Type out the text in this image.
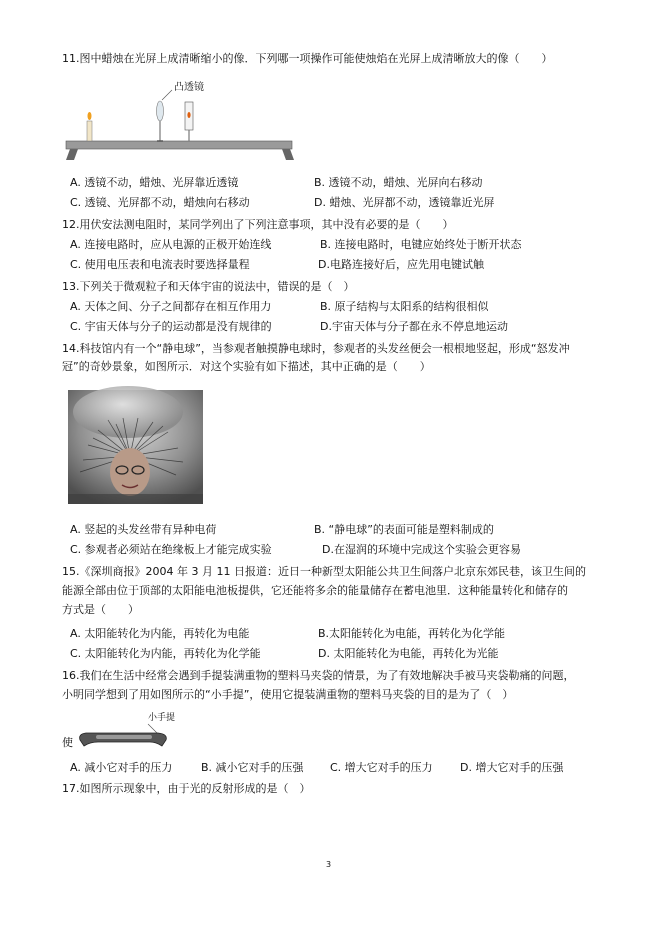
11.图中蜡烛在光屏上成清晰缩小的像．下列哪一项操作可能使烛焰在光屏上成清晰放大的像（　　）
凸透镜
A. 透镜不动，蜡烛、光屏靠近透镜	B. 透镜不动，蜡烛、光屏向右移动
C. 透镜、光屏都不动，蜡烛向右移动	D. 蜡烛、光屏都不动，透镜靠近光屏
12.用伏安法测电阻时，某同学列出了下列注意事项，其中没有必要的是（　　）
A. 连接电路时，应从电源的正极开始连线	B. 连接电路时，电键应始终处于断开状态
C. 使用电压表和电流表时要选择量程	D.电路连接好后，应先用电键试触
13.下列关于微观粒子和天体宇宙的说法中，错误的是（　）
A. 天体之间、分子之间都存在相互作用力	B. 原子结构与太阳系的结构很相似
C. 宇宙天体与分子的运动都是没有规律的	D.宇宙天体与分子都在永不停息地运动
14.科技馆内有一个“静电球”，当参观者触摸静电球时，参观者的头发丝便会一根根地竖起，形成“怒发冲
冠”的奇妙景象，如图所示．对这个实验有如下描述，其中正确的是（　　）
A. 竖起的头发丝带有异种电荷	B. “静电球”的表面可能是塑料制成的
C. 参观者必须站在绝缘板上才能完成实验	D.在湿润的环境中完成这个实验会更容易
15.《深圳商报》2004 年 3 月 11 日报道：近日一种新型太阳能公共卫生间落户北京东郊民巷，该卫生间的
能源全部由位于顶部的太阳能电池板提供，它还能将多余的能量储存在蓄电池里．这种能量转化和储存的
方式是（　　）
A. 太阳能转化为内能，再转化为电能	B.太阳能转化为电能，再转化为化学能
C. 太阳能转化为内能，再转化为化学能	D. 太阳能转化为电能，再转化为光能
16.我们在生活中经常会遇到手提装满重物的塑料马夹袋的情景，为了有效地解决手被马夹袋勒痛的问题，
小明同学想到了用如图所示的“小手提”，使用它提装满重物的塑料马夹袋的目的是为了（　）
使
小手提
A. 减小它对手的压力	B. 减小它对手的压强 C. 增大它对手的压力 D. 增大它对手的压强
17.如图所示现象中，由于光的反射形成的是（　）
3
